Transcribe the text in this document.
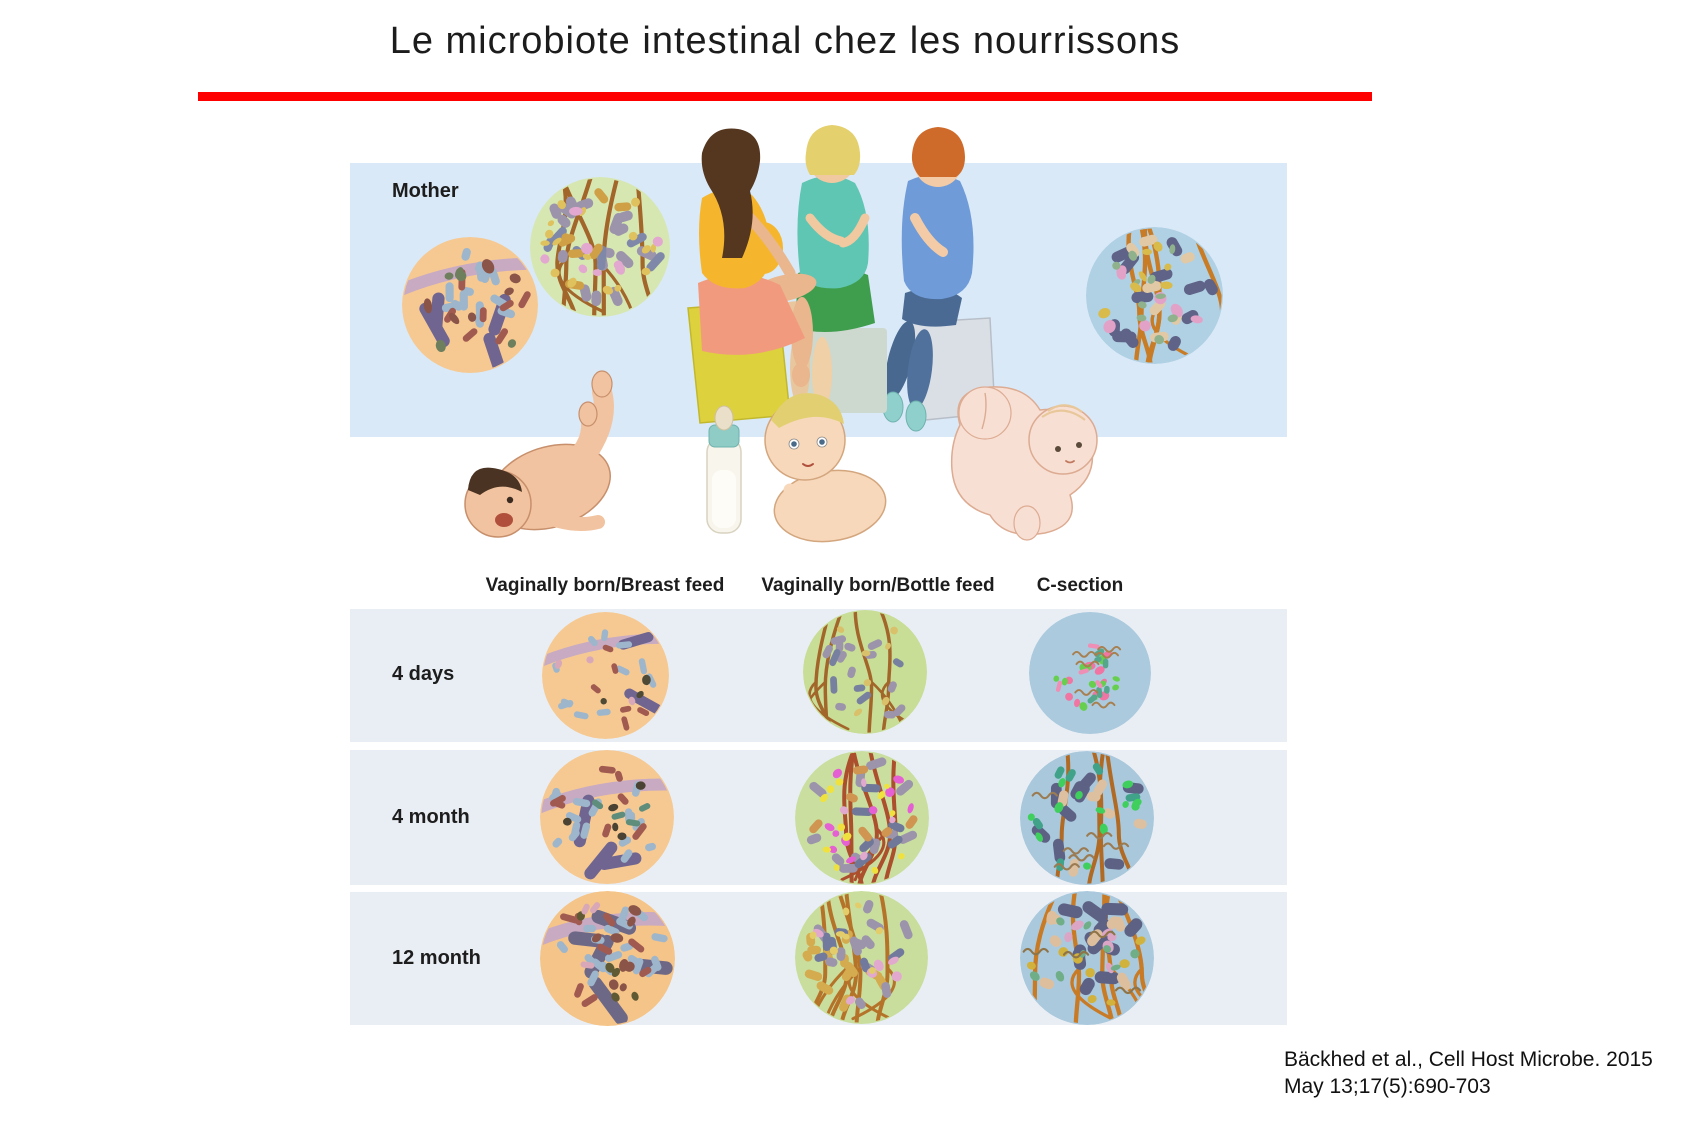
Le microbiote intestinal chez les nourrissons
Mother
Vaginally born/Breast feed	Vaginally born/Bottle feed	C-section
4 days
4 month
12 month
Bäckhed et al., Cell Host Microbe. 2015
May 13;17(5):690-703
